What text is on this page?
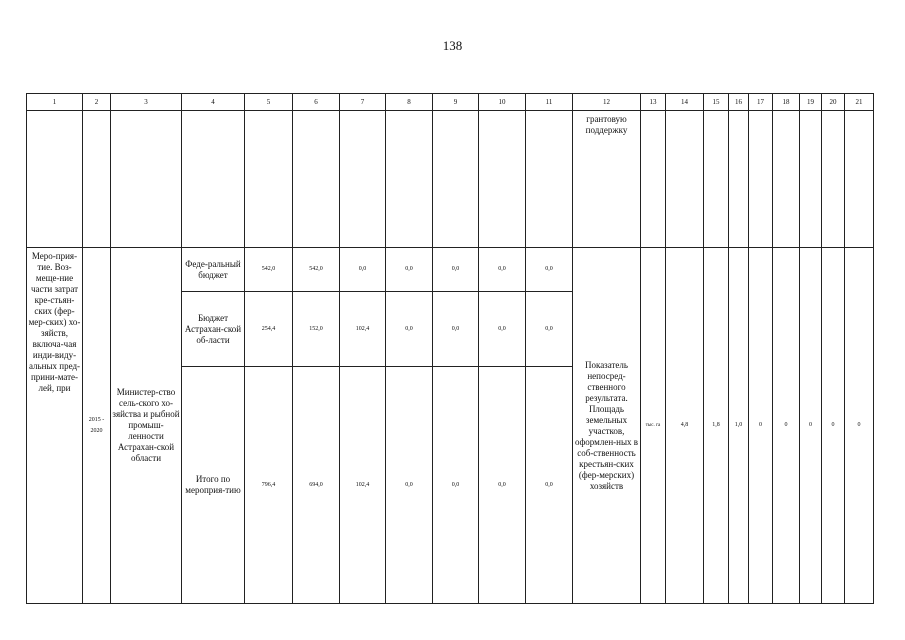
138
1	2	3	4	5	6	7	8	9	10	11	12	13	14	15	16	17	18	19	20	21
											грантовую поддержку									
Меро-прия-тие. Воз-меще-ние части затрат кре-стьян-ских (фер-мер-ских) хо-зяйств, включа-чая инди-виду-альных пред-прини-мате-лей, при	2015 - 2020	Министер-ство сель-ского хо-зяйства и рыбной промыш-ленности Астрахан-ской области	Феде-ральный бюджет	542,0	542,0	0,0	0,0	0,0	0,0	0,0	Показатель непосред-ственного результата. Площадь земельных участков, оформлен-ных в соб-ственность крестьян-ских (фер-мерских) хозяйств	тыс. га	4,8	1,8	1,0	0	0	0	0	0
			Бюджет Астрахан-ской об-ласти	254,4	152,0	102,4	0,0	0,0	0,0	0,0										
			Итого по мероприя-тию	796,4	694,0	102,4	0,0	0,0	0,0	0,0										
